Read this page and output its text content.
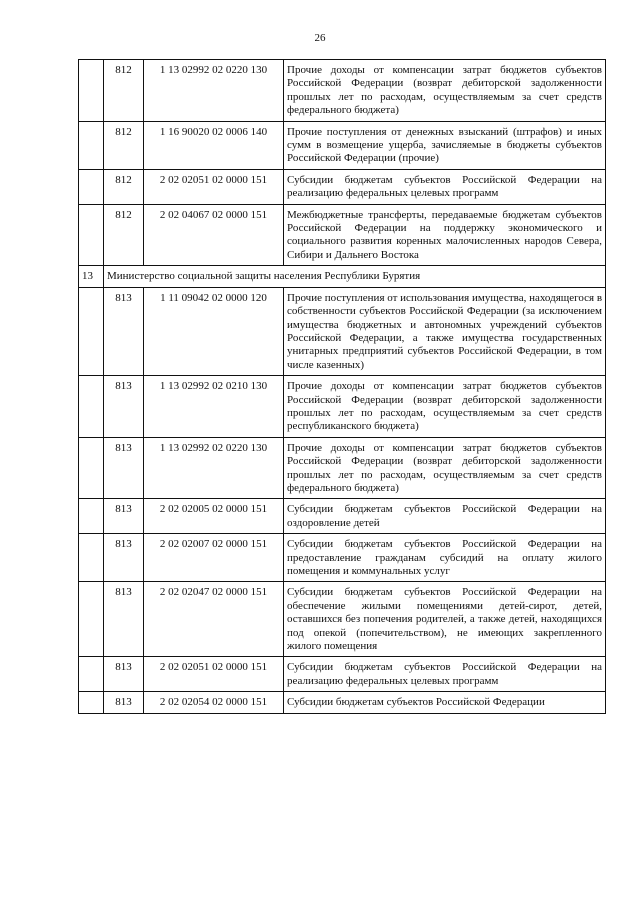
26
	812	1 13 02992 02 0220 130	Прочие доходы от компенсации затрат бюджетов субъектов Российской Федерации (возврат дебиторской задолженности прошлых лет по расходам, осуществляемым за счет средств федерального бюджета)
	812	1 16 90020 02 0006 140	Прочие поступления от денежных взысканий (штрафов) и иных сумм в возмещение ущерба, зачисляемые в бюджеты субъектов Российской Федерации (прочие)
	812	2 02 02051 02 0000 151	Субсидии бюджетам субъектов Российской Федерации на реализацию федеральных целевых программ
	812	2 02 04067 02 0000 151	Межбюджетные трансферты, передаваемые бюджетам субъектов Российской Федерации на поддержку экономического и социального развития коренных малочисленных народов Севера, Сибири и Дальнего Востока
13	Министерство социальной защиты населения Республики Бурятия		
	813	1 11 09042 02 0000 120	Прочие поступления от использования имущества, находящегося в собственности субъектов Российской Федерации (за исключением имущества бюджетных и автономных учреждений субъектов Российской Федерации, а также имущества государственных унитарных предприятий субъектов Российской Федерации, в том числе казенных)
	813	1 13 02992 02 0210 130	Прочие доходы от компенсации затрат бюджетов субъектов Российской Федерации (возврат дебиторской задолженности прошлых лет по расходам, осуществляемым за счет средств республиканского бюджета)
	813	1 13 02992 02 0220 130	Прочие доходы от компенсации затрат бюджетов субъектов Российской Федерации (возврат дебиторской задолженности прошлых лет по расходам, осуществляемым за счет средств федерального бюджета)
	813	2 02 02005 02 0000 151	Субсидии бюджетам субъектов Российской Федерации на оздоровление детей
	813	2 02 02007 02 0000 151	Субсидии бюджетам субъектов Российской Федерации на предоставление гражданам субсидий на оплату жилого помещения и коммунальных услуг
	813	2 02 02047 02 0000 151	Субсидии бюджетам субъектов Российской Федерации на обеспечение жилыми помещениями детей-сирот, детей, оставшихся без попечения родителей, а также детей, находящихся под опекой (попечительством), не имеющих закрепленного жилого помещения
	813	2 02 02051 02 0000 151	Субсидии бюджетам субъектов Российской Федерации на реализацию федеральных целевых программ
	813	2 02 02054 02 0000 151	Субсидии бюджетам субъектов Российской Федерации
